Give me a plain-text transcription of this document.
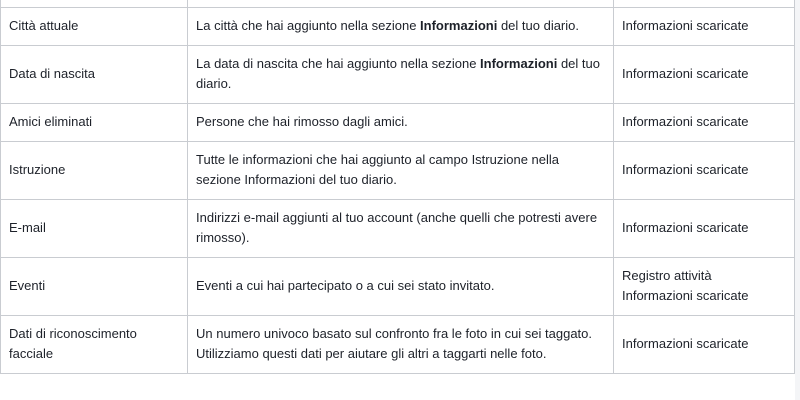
Città attuale	La città che hai aggiunto nella sezione Informazioni del tuo diario.	Informazioni scaricate

Data di nascita	La data di nascita che hai aggiunto nella sezione Informazioni del tuo diario.	Informazioni scaricate

Amici eliminati	Persone che hai rimosso dagli amici.	Informazioni scaricate

Istruzione	Tutte le informazioni che hai aggiunto al campo Istruzione nella sezione Informazioni del tuo diario.	Informazioni scaricate

E-mail	Indirizzi e-mail aggiunti al tuo account (anche quelli che potresti avere rimosso).	Informazioni scaricate

Eventi	Eventi a cui hai partecipato o a cui sei stato invitato.	Registro attività
Informazioni scaricate

Dati di riconoscimento facciale	Un numero univoco basato sul confronto fra le foto in cui sei taggato. Utilizziamo questi dati per aiutare gli altri a taggarti nelle foto.	Informazioni scaricate
